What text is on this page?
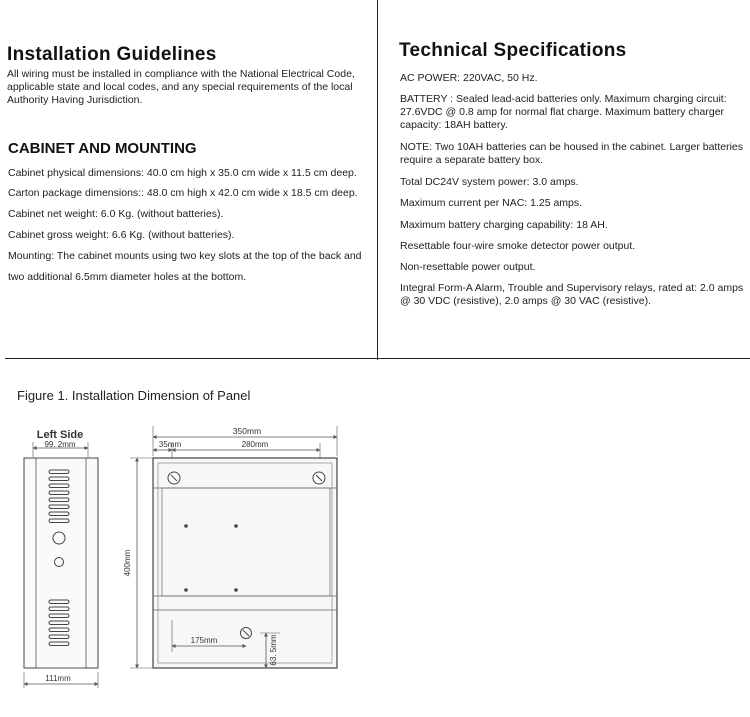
Installation Guidelines
All wiring must be installed in compliance with the National Electrical Code, applicable state and local codes, and any special requirements of the local Authority Having Jurisdiction.
CABINET AND MOUNTING
Cabinet physical dimensions: 40.0 cm high x 35.0 cm wide x 11.5 cm deep.
Carton package dimensions:: 48.0 cm high x 42.0 cm wide x 18.5 cm deep.
Cabinet net weight: 6.0 Kg. (without batteries).
Cabinet gross weight: 6.6 Kg. (without batteries).
Mounting: The cabinet mounts using two key slots at the top of the back and
two additional 6.5mm diameter holes at the bottom.
Technical Specifications
AC POWER: 220VAC, 50 Hz.
BATTERY : Sealed lead-acid batteries only. Maximum charging circuit: 27.6VDC @ 0.8 amp for normal flat charge. Maximum battery charger capacity: 18AH battery.
NOTE: Two 10AH batteries can be housed in the cabinet. Larger batteries require a separate battery box.
Total DC24V system power: 3.0 amps.
Maximum current per NAC: 1.25 amps.
Maximum battery charging capability: 18 AH.
Resettable four-wire smoke detector power output.
Non-resettable power output.
Integral Form-A Alarm, Trouble and Supervisory relays, rated at: 2.0 amps @ 30 VDC (resistive), 2.0 amps @ 30 VAC (resistive).
Figure 1. Installation Dimension of Panel
Left Side
99. 2mm
111mm
350mm
35mm	280mm
400mm
175mm	63. 5mm
